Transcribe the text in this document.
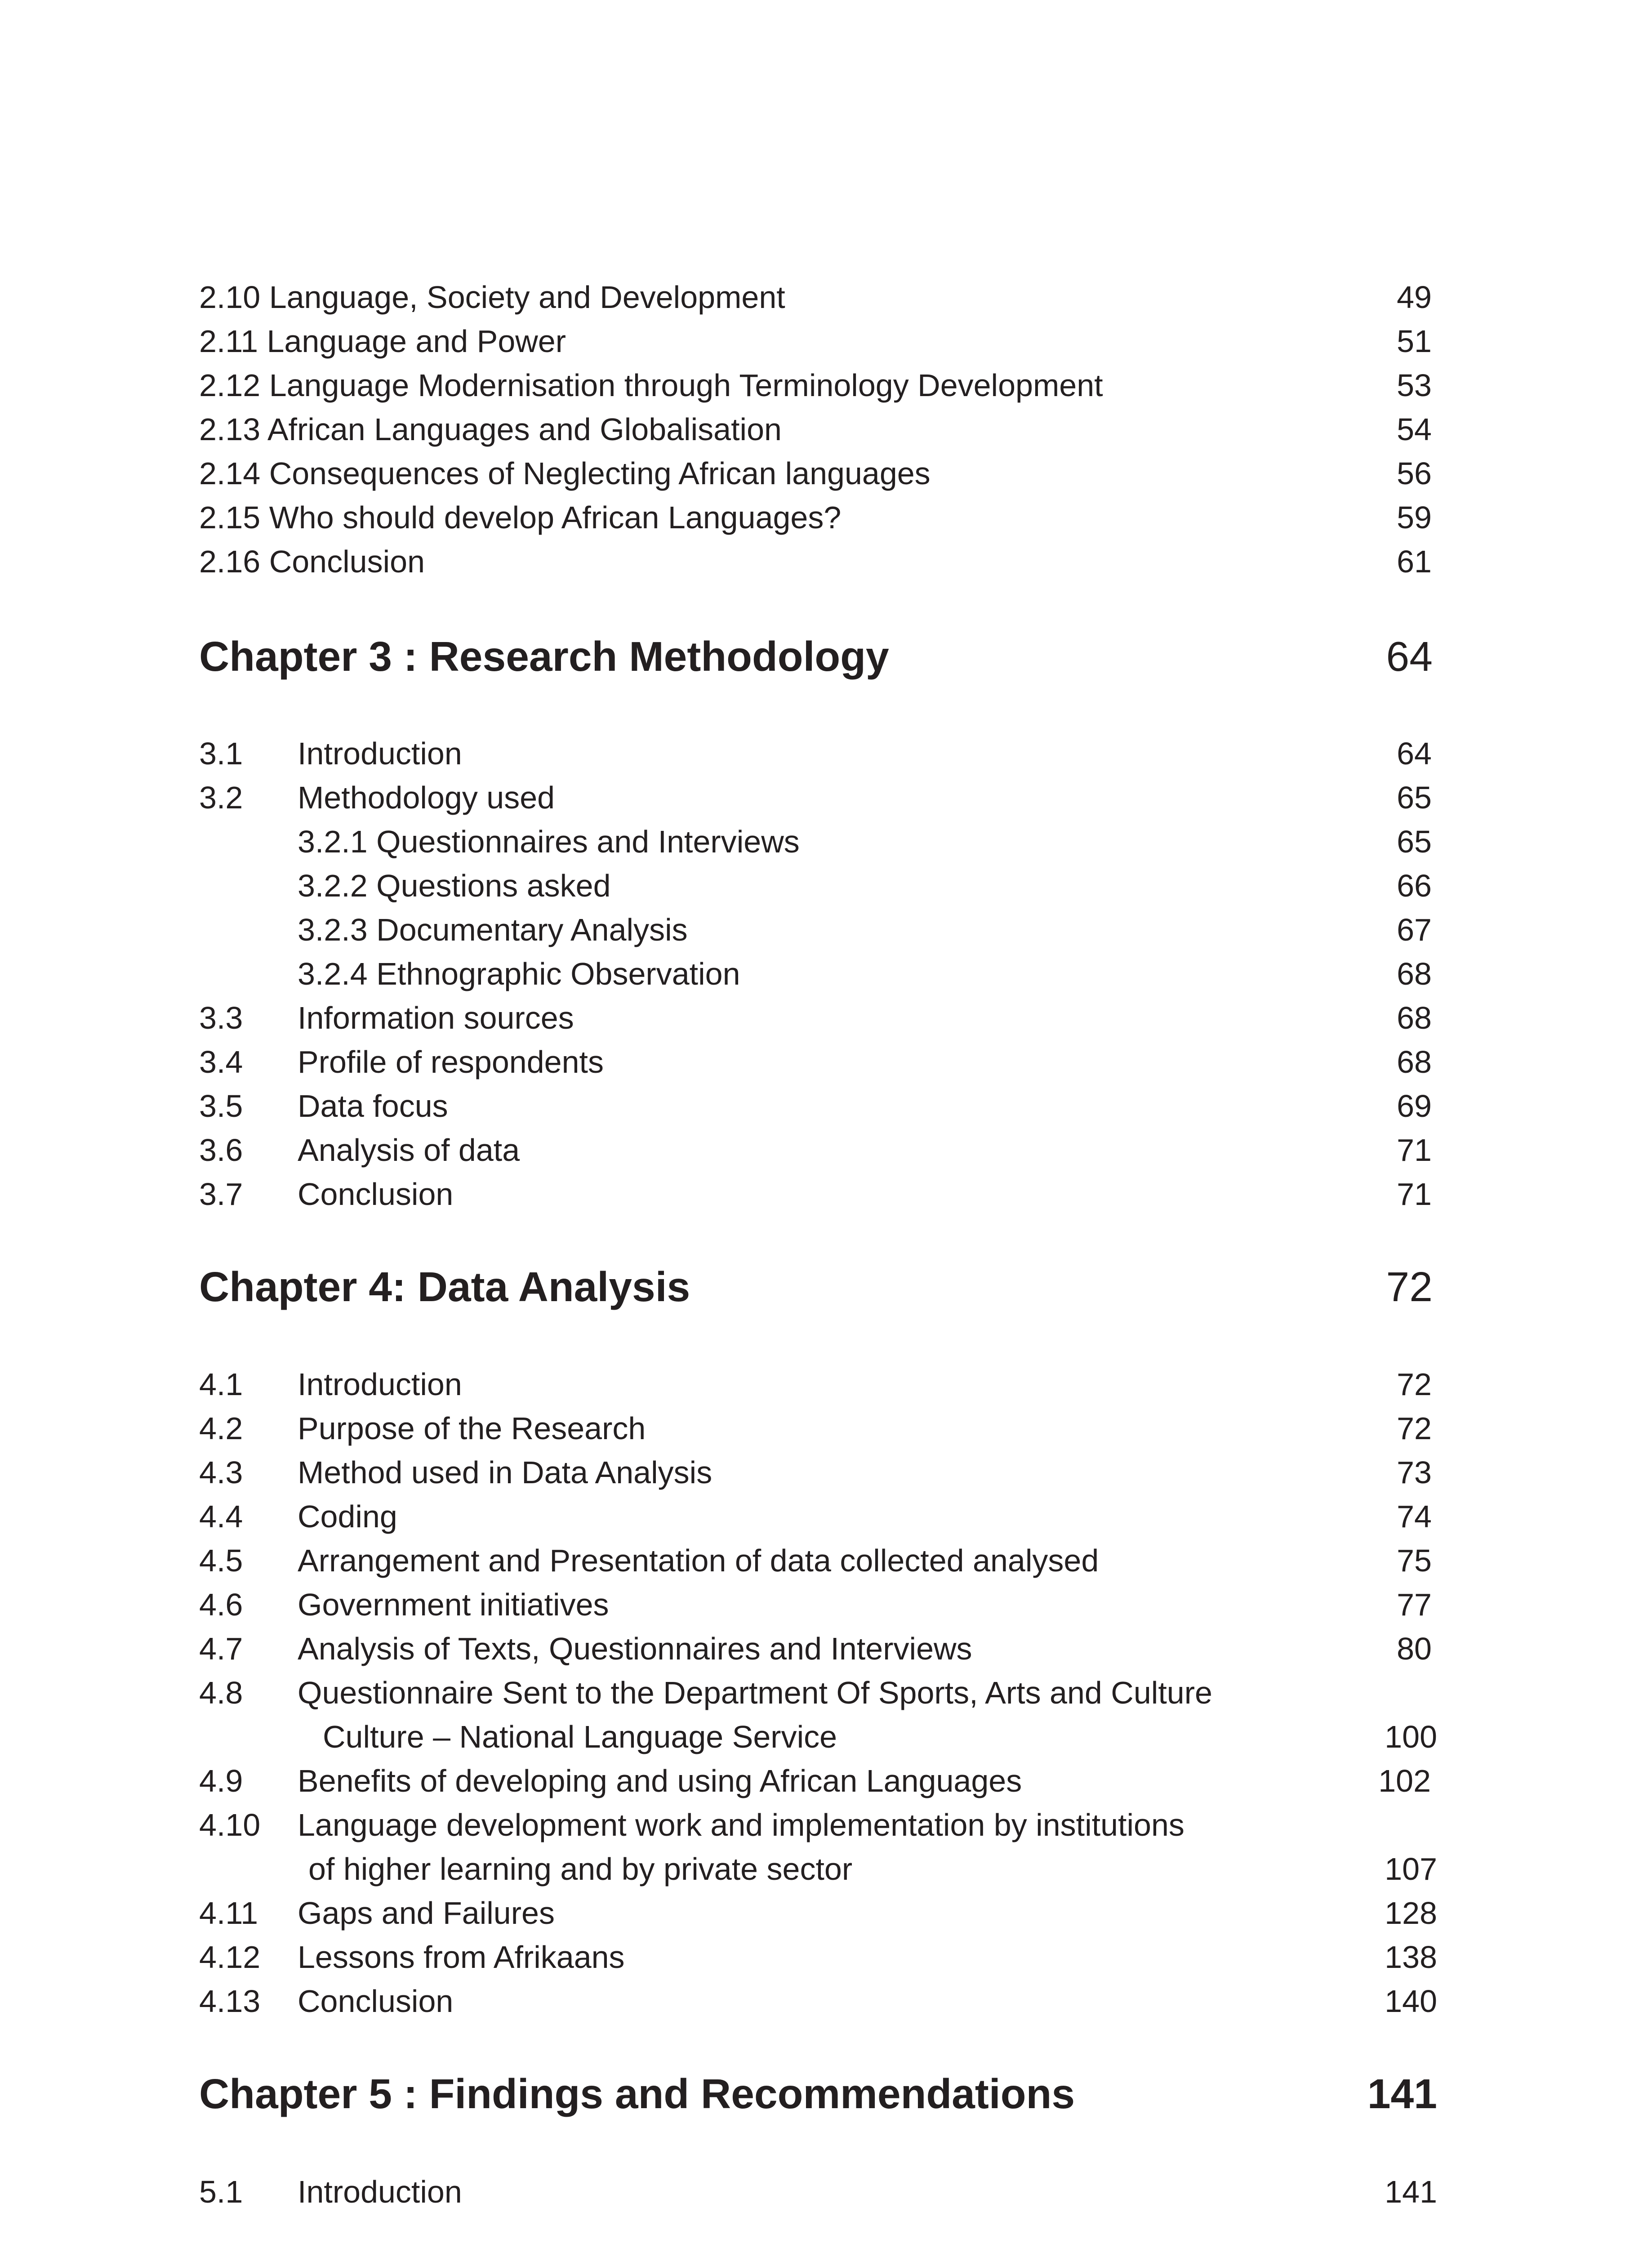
2.10 Language, Society and Development	49
2.11 Language and Power	51
2.12 Language Modernisation through Terminology Development	53
2.13 African Languages and Globalisation	54
2.14 Consequences of Neglecting African languages	56
2.15 Who should develop African Languages?	59
2.16 Conclusion	61
Chapter 3 : Research Methodology	64
3.1 Introduction	64
3.2 Methodology used	65
3.2.1 Questionnaires and Interviews	65
3.2.2 Questions asked	66
3.2.3 Documentary Analysis	67
3.2.4 Ethnographic Observation	68
3.3 Information sources	68
3.4 Profile of respondents	68
3.5 Data focus	69
3.6 Analysis of data	71
3.7 Conclusion	71
Chapter 4: Data Analysis	72
4.1 Introduction	72
4.2 Purpose of the Research	72
4.3 Method used in Data Analysis	73
4.4 Coding	74
4.5 Arrangement and Presentation of data collected analysed	75
4.6 Government initiatives	77
4.7 Analysis of Texts, Questionnaires and Interviews	80
4.8 Questionnaire Sent to the Department Of Sports, Arts and Culture
Culture – National Language Service	100
4.9 Benefits of developing and using African Languages	102
4.10 Language development work and implementation by institutions
of higher learning and by private sector	107
4.11 Gaps and Failures	128
4.12 Lessons from Afrikaans	138
4.13 Conclusion	140
Chapter 5 : Findings and Recommendations	141
5.1 Introduction	141
